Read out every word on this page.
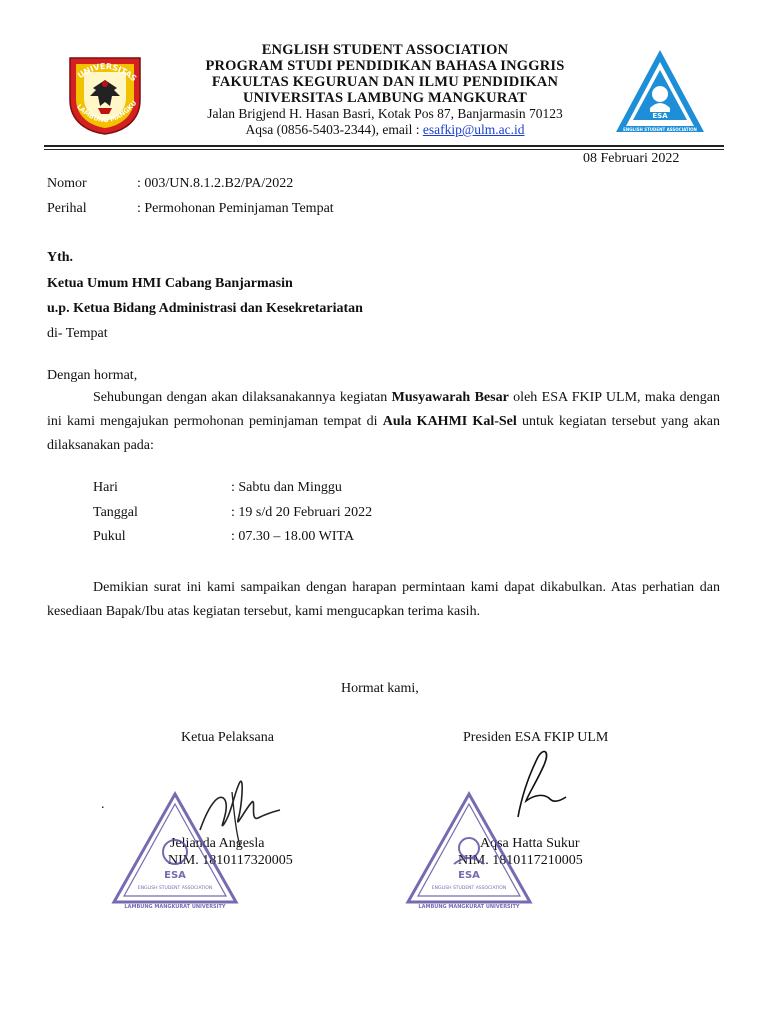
UNIVERSITAS
LAMBUNG MANGKU
ESA
ENGLISH STUDENT ASSOCIATION
ENGLISH STUDENT ASSOCIATION
PROGRAM STUDI PENDIDIKAN BAHASA INGGRIS
FAKULTAS KEGURUAN DAN ILMU PENDIDIKAN
UNIVERSITAS LAMBUNG MANGKURAT
Jalan Brigjend H. Hasan Basri, Kotak Pos 87, Banjarmasin 70123
Aqsa (0856-5403-2344), email : esafkip@ulm.ac.id
08 Februari 2022
Nomor	: 003/UN.8.1.2.B2/PA/2022
Perihal	: Permohonan Peminjaman Tempat
Yth.
Ketua Umum HMI Cabang Banjarmasin
u.p. Ketua Bidang Administrasi dan Kesekretariatan
di- Tempat
Dengan hormat,
Sehubungan dengan akan dilaksanakannya kegiatan Musyawarah Besar oleh ESA FKIP ULM, maka dengan ini kami mengajukan permohonan peminjaman tempat di Aula KAHMI Kal-Sel untuk kegiatan tersebut yang akan dilaksanakan pada:
Hari	: Sabtu dan Minggu
Tanggal	: 19 s/d 20 Februari 2022
Pukul	: 07.30 – 18.00 WITA
Demikian surat ini kami sampaikan dengan harapan permintaan kami dapat dikabulkan. Atas perhatian dan kesediaan Bapak/Ibu atas kegiatan tersebut, kami mengucapkan terima kasih.
Hormat kami,
Ketua Pelaksana	Presiden ESA FKIP ULM
.
Jelianda Angesla
NIM. 1810117320005
Aqsa Hatta Sukur
NIM. 1810117210005
ESA
ENGLISH STUDENT ASSOCIATION
LAMBUNG MANGKURAT UNIVERSITY
ESA
ENGLISH STUDENT ASSOCIATION
LAMBUNG MANGKURAT UNIVERSITY
